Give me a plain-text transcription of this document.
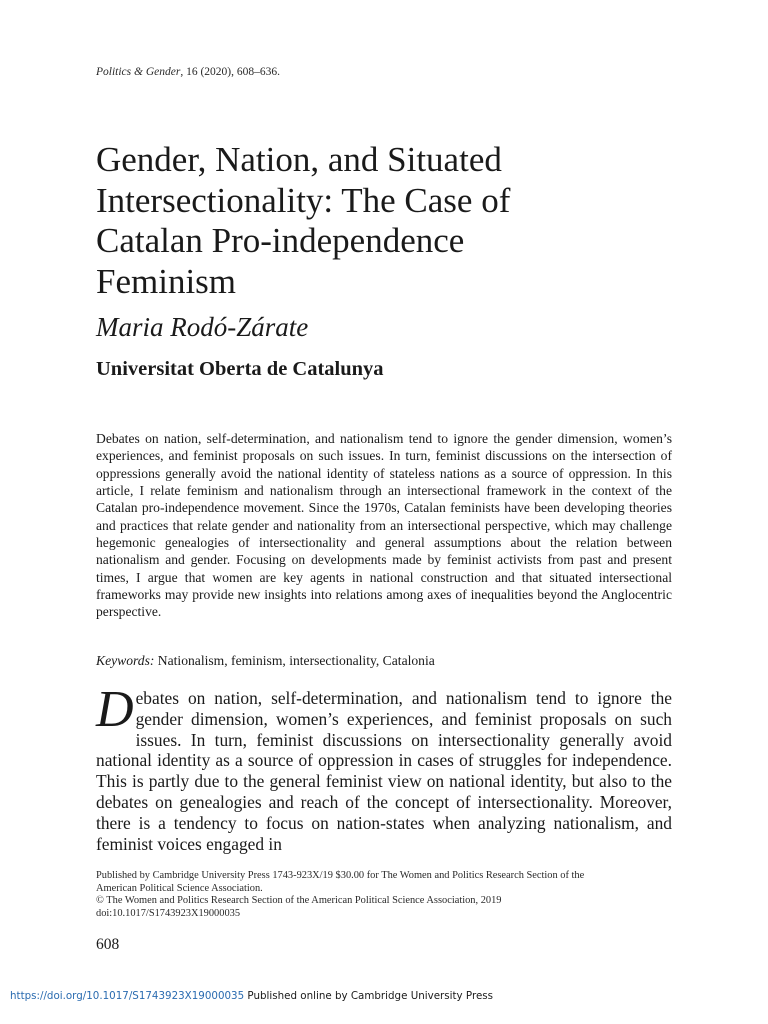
Politics & Gender, 16 (2020), 608–636.
Gender, Nation, and Situated
Intersectionality: The Case of
Catalan Pro-independence
Feminism
Maria Rodó-Zárate
Universitat Oberta de Catalunya

Debates on nation, self-determination, and nationalism tend to ignore the gender dimension, women’s experiences, and feminist proposals on such issues. In turn, feminist discussions on the intersection of oppressions generally avoid the national identity of stateless nations as a source of oppression. In this article, I relate feminism and nationalism through an intersectional framework in the context of the Catalan pro-independence movement. Since the 1970s, Catalan feminists have been developing theories and practices that relate gender and nationality from an intersectional perspective, which may challenge hegemonic genealogies of intersectionality and general assumptions about the relation between nationalism and gender. Focusing on developments made by feminist activists from past and present times, I argue that women are key agents in national construction and that situated intersectional frameworks may provide new insights into relations among axes of inequalities beyond the Anglocentric perspective.

Keywords: Nationalism, feminism, intersectionality, Catalonia

Debates on nation, self-determination, and nationalism tend to ignore the gender dimension, women’s experiences, and feminist proposals on such issues. In turn, feminist discussions on intersectionality generally avoid national identity as a source of oppression in cases of struggles for independence. This is partly due to the general feminist view on national identity, but also to the debates on genealogies and reach of the concept of intersectionality. Moreover, there is a tendency to focus on nation-states when analyzing nationalism, and feminist voices engaged in

Published by Cambridge University Press 1743-923X/19 $30.00 for The Women and Politics Research Section of the
American Political Science Association.
© The Women and Politics Research Section of the American Political Science Association, 2019
doi:10.1017/S1743923X19000035
608
https://doi.org/10.1017/S1743923X19000035 Published online by Cambridge University Press
